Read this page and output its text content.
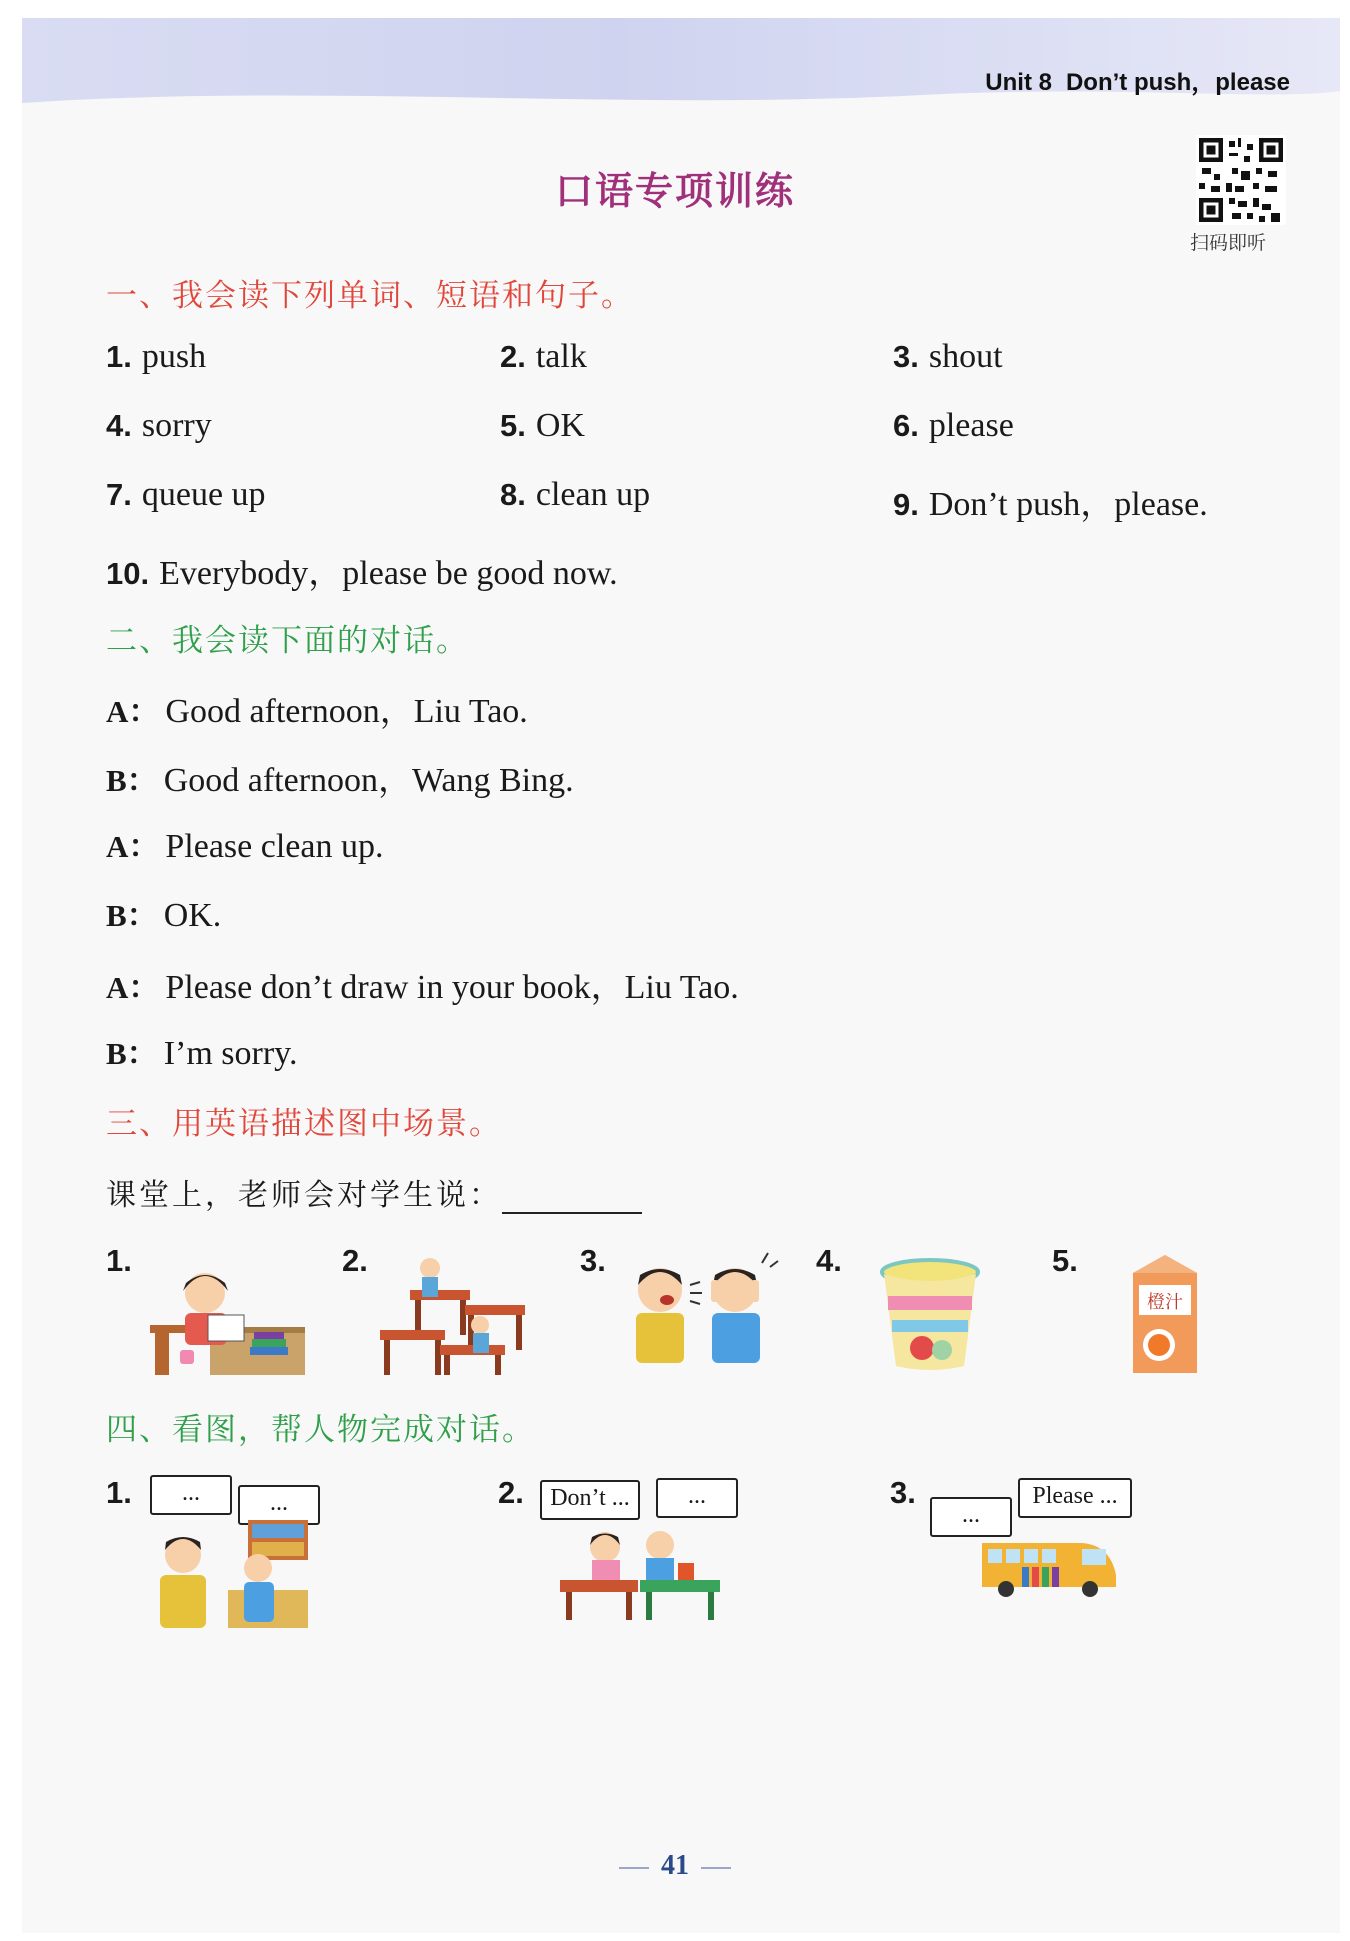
Unit 8 Don’t push，please
口语专项训练
扫码即听
一、我会读下列单词、短语和句子。
1. push	2. talk	3. shout
4. sorry	5. OK	6. please
7. queue up	8. clean up	9. Don’t push，please.
10. Everybody，please be good now.
二、我会读下面的对话。
A： Good afternoon，Liu Tao.
B： Good afternoon，Wang Bing.
A： Please clean up.
B： OK.
A： Please don’t draw in your book，Liu Tao.
B： I’m sorry.
三、用英语描述图中场景。
课堂上，老师会对学生说：
1.	2.	3.	4.	5.
橙汁
四、看图，帮人物完成对话。
1.	...	...	2.	Don’t ...	...	3.
...
Please ...
41
